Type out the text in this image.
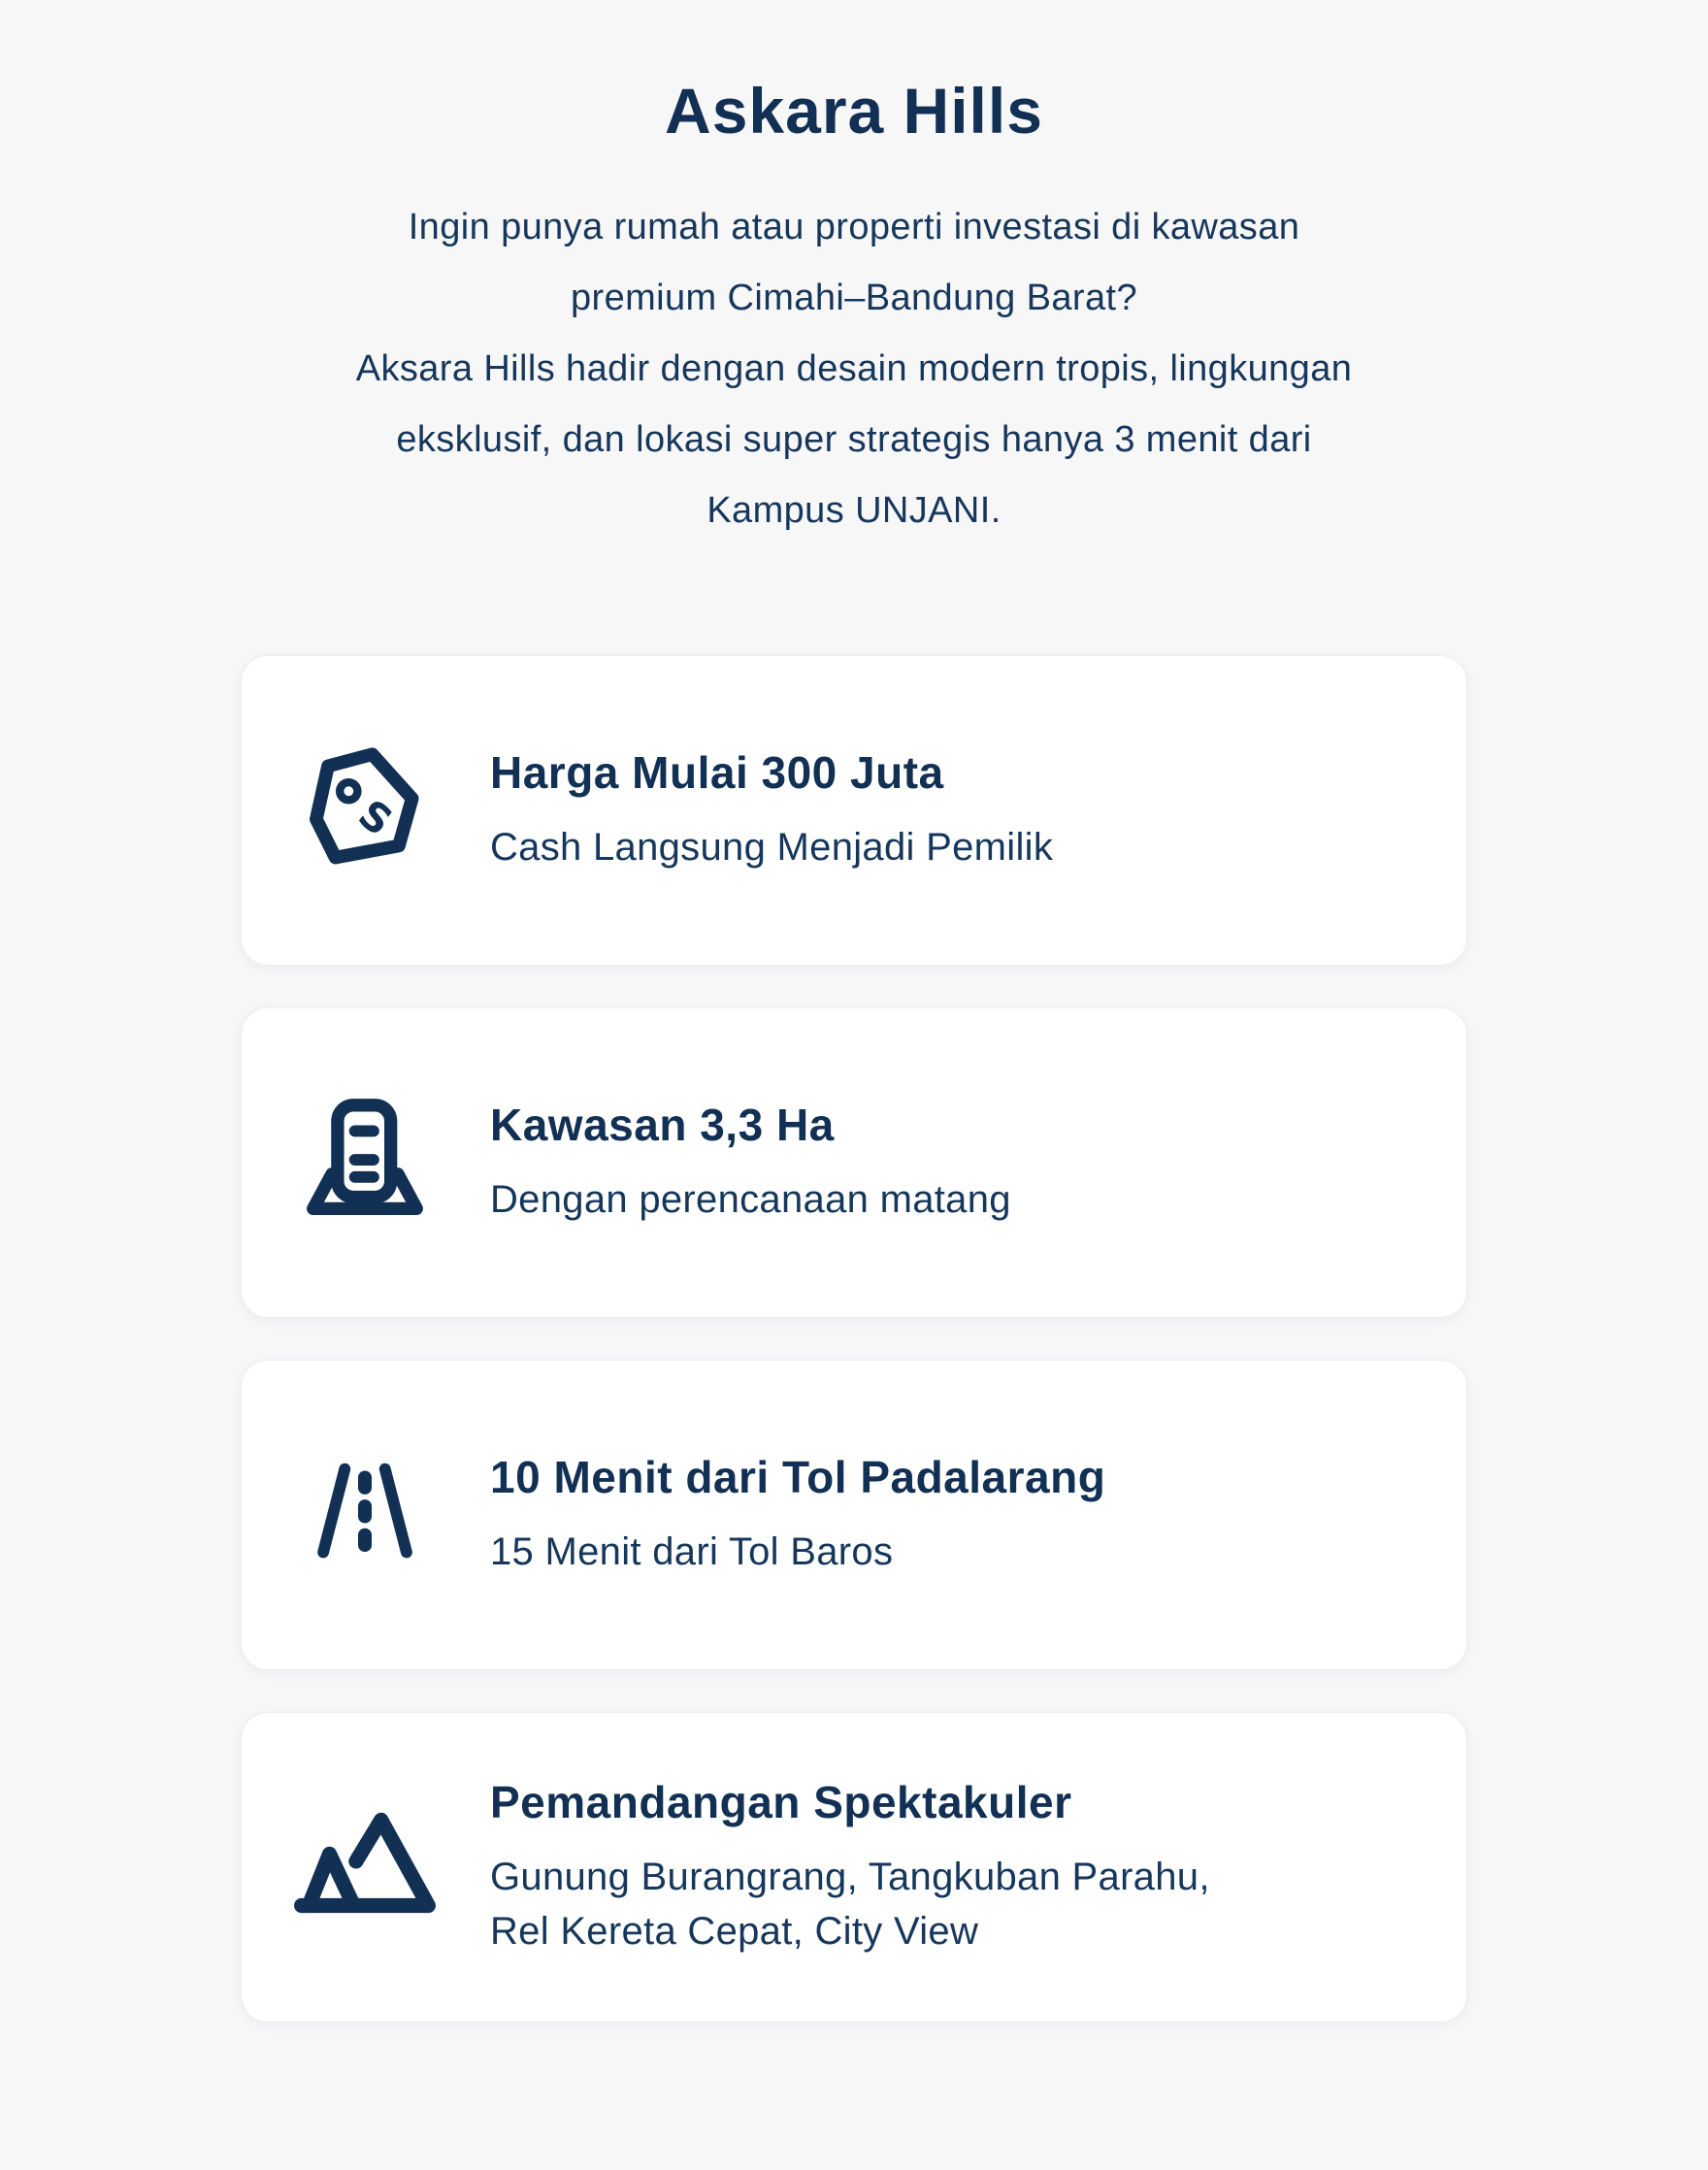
Askara Hills
Ingin punya rumah atau properti investasi di kawasan
premium Cimahi–Bandung Barat?
Aksara Hills hadir dengan desain modern tropis, lingkungan
eksklusif, dan lokasi super strategis hanya 3 menit dari
Kampus UNJANI.
S
Harga Mulai 300 Juta
Cash Langsung Menjadi Pemilik
Kawasan 3,3 Ha
Dengan perencanaan matang
10 Menit dari Tol Padalarang
15 Menit dari Tol Baros
Pemandangan Spektakuler
Gunung Burangrang, Tangkuban Parahu,
Rel Kereta Cepat, City View
